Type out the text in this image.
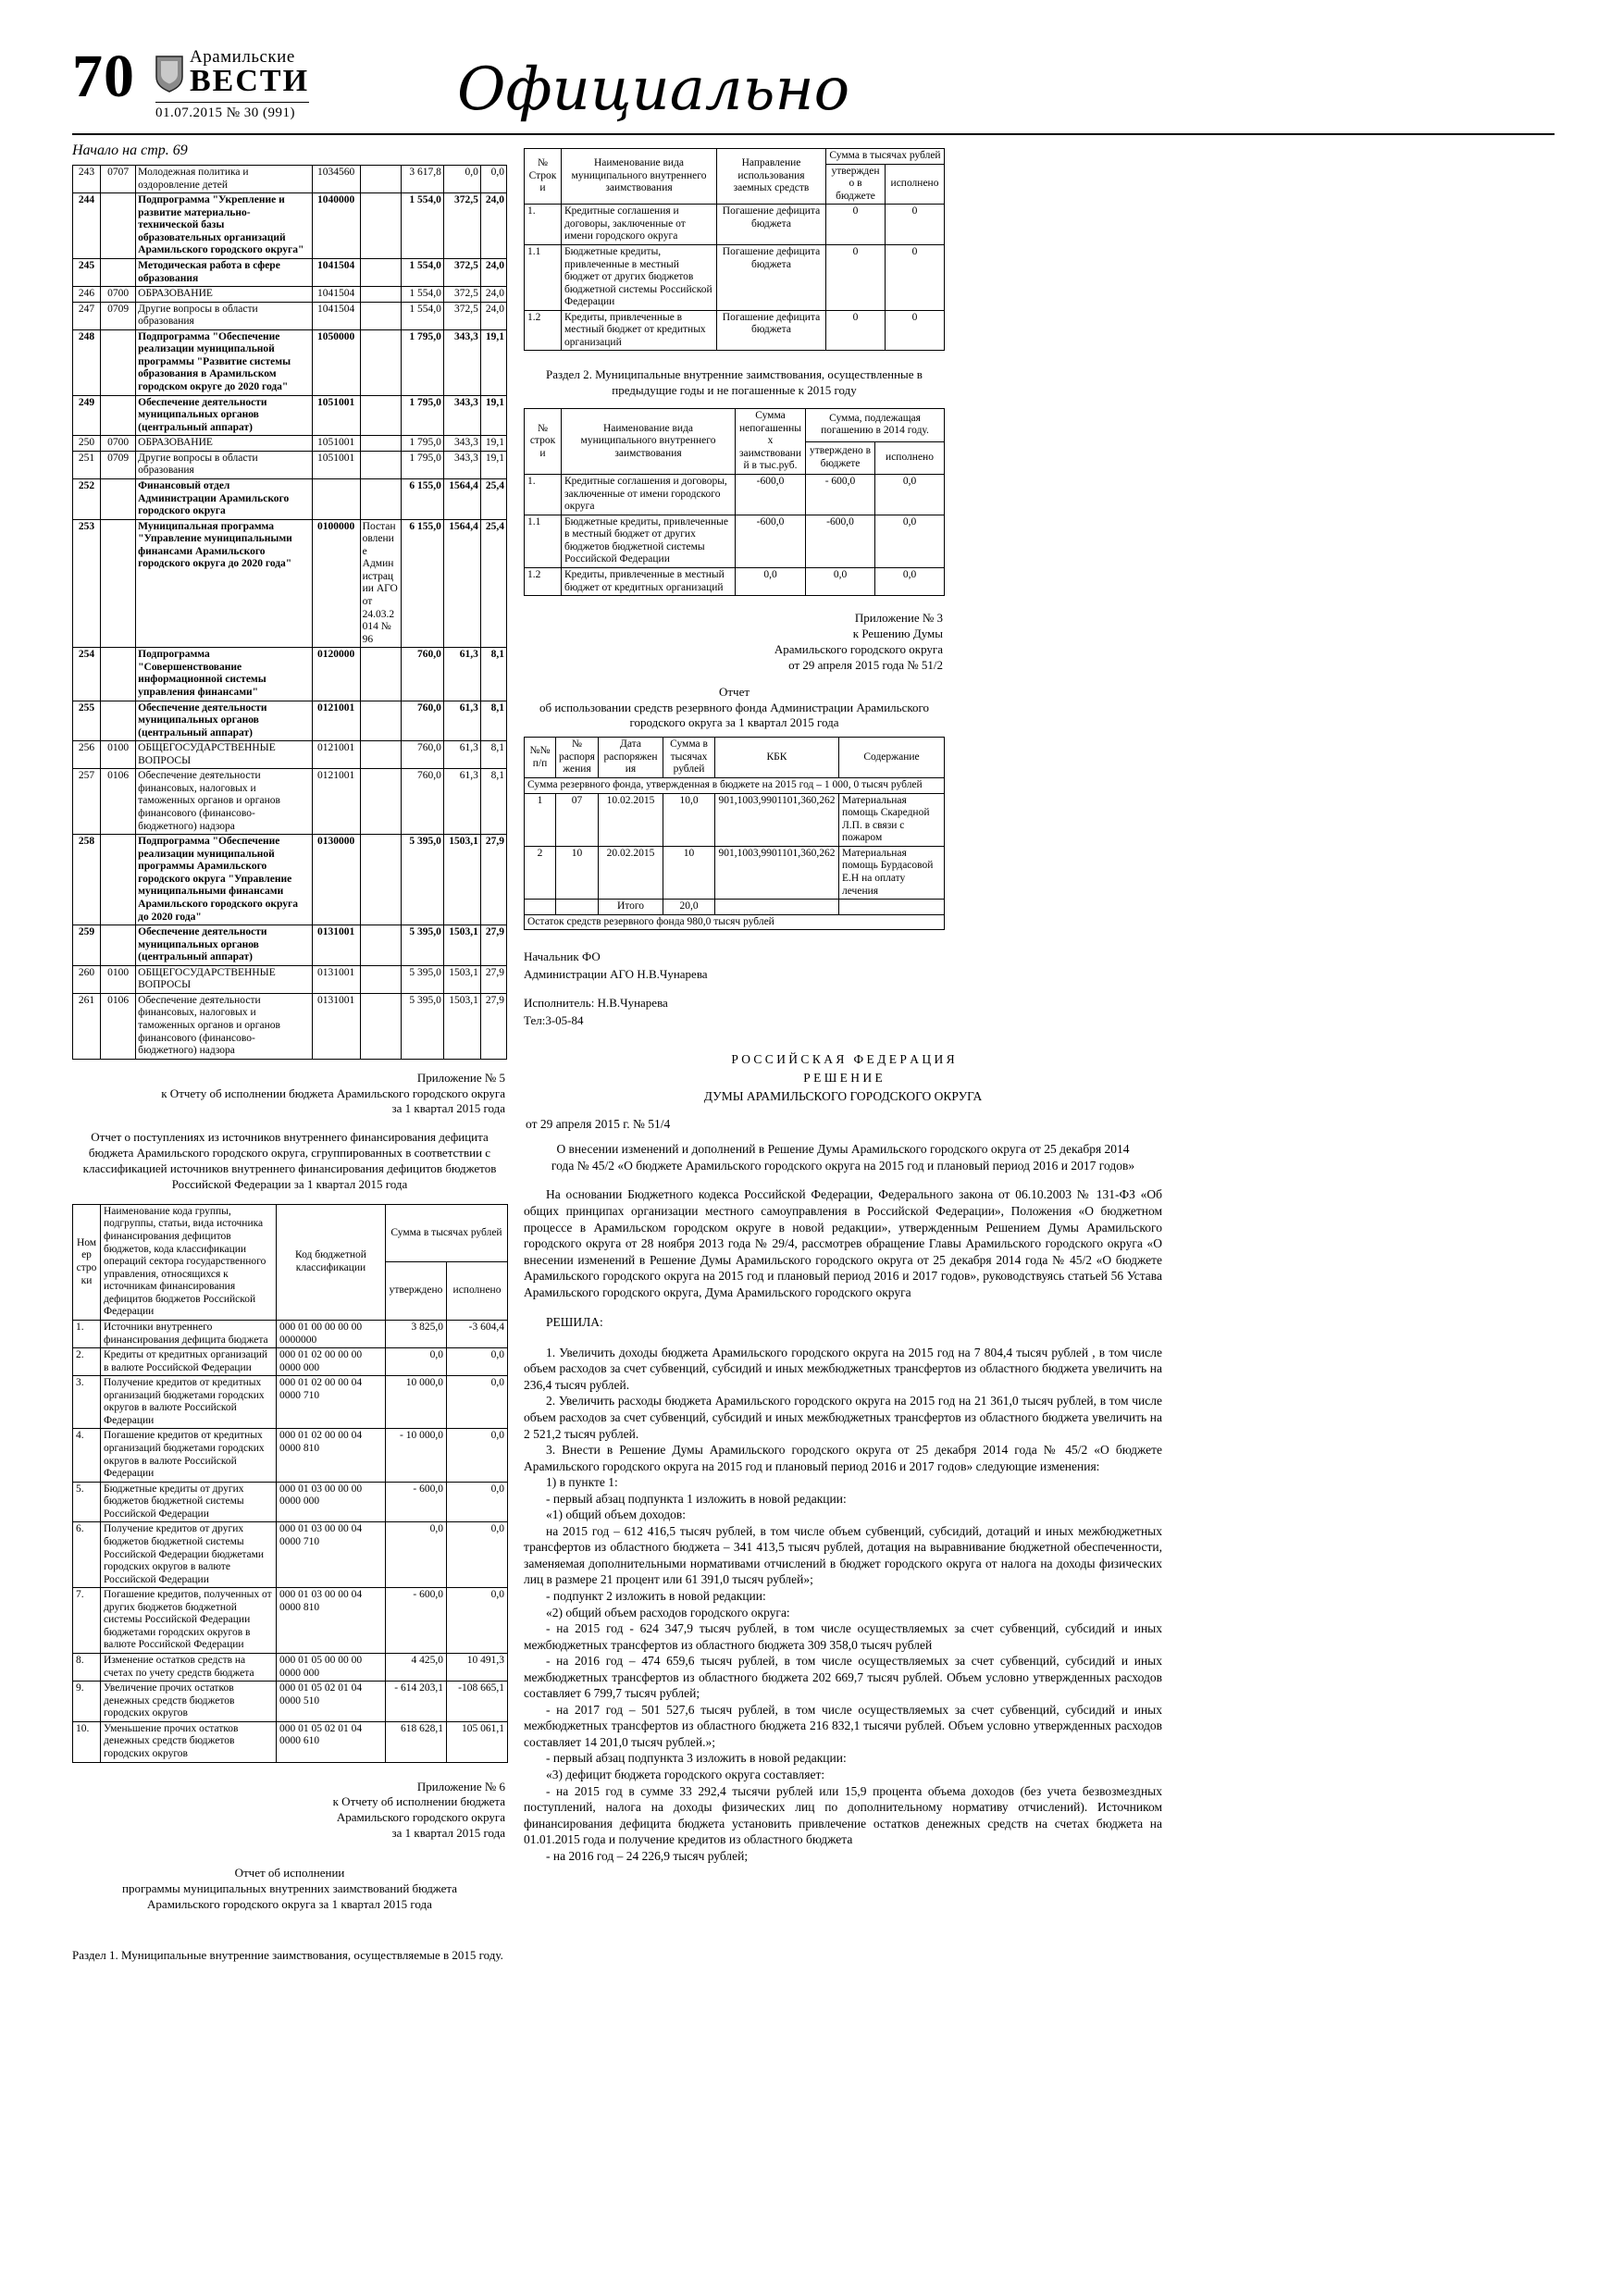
70	Арамильские
ВЕСТИ
01.07.2015 № 30 (991)	Официально
Начало на стр. 69
243	0707	Молодежная политика и оздоровление детей	1034560		3 617,8	0,0	0,0
244		Подпрограмма "Укрепление и развитие материально- технической базы образовательных организаций Арамильского городского округа"	1040000		1 554,0	372,5	24,0
245		Методическая работа в сфере образования	1041504		1 554,0	372,5	24,0
246	0700	ОБРАЗОВАНИЕ	1041504		1 554,0	372,5	24,0
247	0709	Другие вопросы в области образования	1041504		1 554,0	372,5	24,0
248		Подпрограмма "Обеспечение реализации муниципальной программы "Развитие системы образования в Арамильском городском округе до 2020 года"	1050000		1 795,0	343,3	19,1
249		Обеспечение деятельности муниципальных органов (центральный аппарат)	1051001		1 795,0	343,3	19,1
250	0700	ОБРАЗОВАНИЕ	1051001		1 795,0	343,3	19,1
251	0709	Другие вопросы в области образования	1051001		1 795,0	343,3	19,1
252		Финансовый отдел Администрации Арамильского городского округа			6 155,0	1564,4	25,4
253		Муниципальная программа "Управление муниципальными финансами Арамильского городского округа до 2020 года"	0100000	Постановление Администрации АГО от 24.03.2014 № 96	6 155,0	1564,4	25,4
254		Подпрограмма "Совершенствование информационной системы управления финансами"	0120000		760,0	61,3	8,1
255		Обеспечение деятельности муниципальных органов (центральный аппарат)	0121001		760,0	61,3	8,1
256	0100	ОБЩЕГОСУДАРСТВЕННЫЕ ВОПРОСЫ	0121001		760,0	61,3	8,1
257	0106	Обеспечение деятельности финансовых, налоговых и таможенных органов и органов финансового (финансово-бюджетного) надзора	0121001		760,0	61,3	8,1
258		Подпрограмма "Обеспечение реализации муниципальной программы Арамильского городского округа "Управление муниципальными финансами Арамильского городского округа до 2020 года"	0130000		5 395,0	1503,1	27,9
259		Обеспечение деятельности муниципальных органов (центральный аппарат)	0131001		5 395,0	1503,1	27,9
260	0100	ОБЩЕГОСУДАРСТВЕННЫЕ ВОПРОСЫ	0131001		5 395,0	1503,1	27,9
261	0106	Обеспечение деятельности финансовых, налоговых и таможенных органов и органов финансового (финансово-бюджетного) надзора	0131001		5 395,0	1503,1	27,9
Приложение № 5
к Отчету об исполнении бюджета Арамильского городского округа
за 1 квартал 2015 года
Отчет о поступлениях из источников внутреннего финансирования дефицита бюджета Арамильского городского округа, сгруппированных в соответствии с классификацией источников внутреннего финансирования дефицитов бюджетов Российской Федерации за 1 квартал 2015 года
Номер строки	Наименование кода группы, подгруппы, статьи, вида источника финансирования дефицитов бюджетов, кода классификации операций сектора государственного управления, относящихся к источникам финансирования дефицитов бюджетов Российской Федерации	Код бюджетной классификации	Сумма в тысячах рублей	
			утверждено	исполнено
1.	Источники внутреннего финансирования дефицита бюджета	000 01 00 00 00 00 0000000	3 825,0	-3 604,4
2.	Кредиты от кредитных организаций в валюте Российской Федерации	000 01 02 00 00 00 0000 000	0,0	0,0
3.	Получение кредитов от кредитных организаций бюджетами городских округов в валюте Российской Федерации	000 01 02 00 00 04 0000 710	10 000,0	0,0
4.	Погашение кредитов от кредитных организаций бюджетами городских округов в валюте Российской Федерации	000 01 02 00 00 04 0000 810	- 10 000,0	0,0
5.	Бюджетные кредиты от других бюджетов бюджетной системы Российской Федерации	000 01 03 00 00 00 0000 000	- 600,0	0,0
6.	Получение кредитов от других бюджетов бюджетной системы Российской Федерации бюджетами городских округов в валюте Российской Федерации	000 01 03 00 00 04 0000 710	0,0	0,0
7.	Погашение кредитов, полученных от других бюджетов бюджетной системы Российской Федерации бюджетами городских округов в валюте Российской Федерации	000 01 03 00 00 04 0000 810	- 600,0	0,0
8.	Изменение остатков средств на счетах по учету средств бюджета	000 01 05 00 00 00 0000 000	4 425,0	10 491,3
9.	Увеличение прочих остатков денежных средств бюджетов городских округов	000 01 05 02 01 04 0000 510	- 614 203,1	-108 665,1
10.	Уменьшение прочих остатков денежных средств бюджетов городских округов	000 01 05 02 01 04 0000 610	618 628,1	105 061,1
Приложение № 6
к Отчету об исполнении бюджета
Арамильского городского округа
за 1 квартал 2015 года
Отчет об исполнении
программы муниципальных внутренних заимствований бюджета
Арамильского городского округа за 1 квартал 2015 года
Раздел 1. Муниципальные внутренние заимствования, осуществляемые в 2015 году.
№ Строки	Наименование вида муниципального внутреннего заимствования	Направление использования заемных средств	Сумма в тысячах рублей	
			утверждено в бюджете	исполнено
1.	Кредитные соглашения и договоры, заключенные от имени городского округа	Погашение дефицита бюджета	0	0
1.1	Бюджетные кредиты, привлеченные в местный бюджет от других бюджетов бюджетной системы Российской Федерации	Погашение дефицита бюджета	0	0
1.2	Кредиты, привлеченные в местный бюджет от кредитных организаций	Погашение дефицита бюджета	0	0
Раздел 2. Муниципальные внутренние заимствования, осуществленные в предыдущие годы и не погашенные к 2015 году
№ строки	Наименование вида муниципального внутреннего заимствования	Сумма непогашенных заимствований в тыс.руб.	Сумма, подлежащая погашению в 2014 году.	
			утверждено в бюджете	исполнено
1.	Кредитные соглашения и договоры, заключенные от имени городского округа	-600,0	- 600,0	0,0
1.1	Бюджетные кредиты, привлеченные в местный бюджет от других бюджетов бюджетной системы Российской Федерации	-600,0	-600,0	0,0
1.2	Кредиты, привлеченные в местный бюджет от кредитных организаций	0,0	0,0	0,0
Приложение № 3
к Решению Думы
Арамильского городского округа
от 29 апреля 2015 года № 51/2
Отчет
об использовании средств резервного фонда Администрации Арамильского городского округа за 1 квартал 2015 года
№№ п/п	№ распоряжения	Дата распоряжения	Сумма в тысячах рублей	КБК	Содержание
Сумма резервного фонда, утвержденная в бюджете на 2015 год – 1 000, 0 тысяч рублей					
1	07	10.02.2015	10,0	901,1003,9901101,360,262	Материальная помощь Скаредной Л.П. в связи с пожаром
2	10	20.02.2015	10	901,1003,9901101,360,262	Материальная помощь Бурдасовой Е.Н на оплату лечения
		Итого	20,0		
Остаток средств резервного фонда 980,0 тысяч рублей					
Начальник ФО
Администрации АГО Н.В.Чунарева
Исполнитель: Н.В.Чунарева
Тел:3-05-84
Р О С С И Й С К А Я   Ф Е Д Е Р А Ц И Я
Р Е Ш Е Н И Е
ДУМЫ АРАМИЛЬСКОГО ГОРОДСКОГО ОКРУГА
от 29 апреля 2015 г. № 51/4
О внесении изменений и дополнений в Решение Думы Арамильского городского округа от 25 декабря 2014 года № 45/2 «О бюджете Арамильского городского округа на 2015 год и плановый период 2016 и 2017 годов»

На основании Бюджетного кодекса Российской Федерации, Федерального закона от 06.10.2003 № 131-ФЗ «Об общих принципах организации местного самоуправления в Российской Федерации», Положения «О бюджетном процессе в Арамильском городском округе в новой редакции», утвержденным Решением Думы Арамильского городского округа от 28 ноября 2013 года № 29/4, рассмотрев обращение Главы Арамильского городского округа «О внесении изменений в Решение Думы Арамильского городского округа от 25 декабря 2014 года № 45/2 «О бюджете Арамильского городского округа на 2015 год и плановый период 2016 и 2017 годов», руководствуясь статьей 56 Устава Арамильского городского округа, Дума Арамильского городского округа

РЕШИЛА:

1. Увеличить доходы бюджета Арамильского городского округа на 2015 год на 7 804,4 тысяч рублей , в том числе объем расходов за счет субвенций, субсидий и иных межбюджетных трансфертов из областного бюджета увеличить на 236,4 тысяч рублей.

2. Увеличить расходы бюджета Арамильского городского округа на 2015 год на 21 361,0 тысяч рублей, в том числе объем расходов за счет субвенций, субсидий и иных межбюджетных трансфертов из областного бюджета увеличить на 2 521,2 тысяч рублей.

3. Внести в Решение Думы Арамильского городского округа от 25 декабря 2014 года № 45/2 «О бюджете Арамильского городского округа на 2015 год и плановый период 2016 и 2017 годов» следующие изменения:

1) в пункте 1:

- первый абзац подпункта 1 изложить в новой редакции:

«1) общий объем доходов:

на 2015 год – 612 416,5 тысяч рублей, в том числе объем субвенций, субсидий, дотаций и иных межбюджетных трансфертов из областного бюджета – 341 413,5 тысяч рублей, дотация на выравнивание бюджетной обеспеченности, заменяемая дополнительными нормативами отчислений в бюджет городского округа от налога на доходы физических лиц в размере 21 процент или 61 391,0 тысяч рублей»;

- подпункт 2 изложить в новой редакции:

«2) общий объем расходов городского округа:

- на 2015 год - 624 347,9 тысяч рублей, в том числе осуществляемых за счет субвенций, субсидий и иных межбюджетных трансфертов из областного бюджета 309 358,0 тысяч рублей

- на 2016 год – 474 659,6 тысяч рублей, в том числе осуществляемых за счет субвенций, субсидий и иных межбюджетных трансфертов из областного бюджета 202 669,7 тысяч рублей. Объем условно утвержденных расходов составляет 6 799,7 тысяч рублей;

- на 2017 год – 501 527,6 тысяч рублей, в том числе осуществляемых за счет субвенций, субсидий и иных межбюджетных трансфертов из областного бюджета 216 832,1 тысячи рублей. Объем условно утвержденных расходов составляет 14 201,0 тысяч рублей.»;

- первый абзац подпункта 3 изложить в новой редакции:

«3) дефицит бюджета городского округа составляет:

- на 2015 год в сумме 33 292,4 тысячи рублей или 15,9 процента объема доходов (без учета безвозмездных поступлений, налога на доходы физических лиц по дополнительному нормативу отчислений). Источником финансирования дефицита бюджета установить привлечение остатков денежных средств на счетах бюджета на 01.01.2015 года и получение кредитов из областного бюджета

- на 2016 год – 24 226,9 тысяч рублей;
